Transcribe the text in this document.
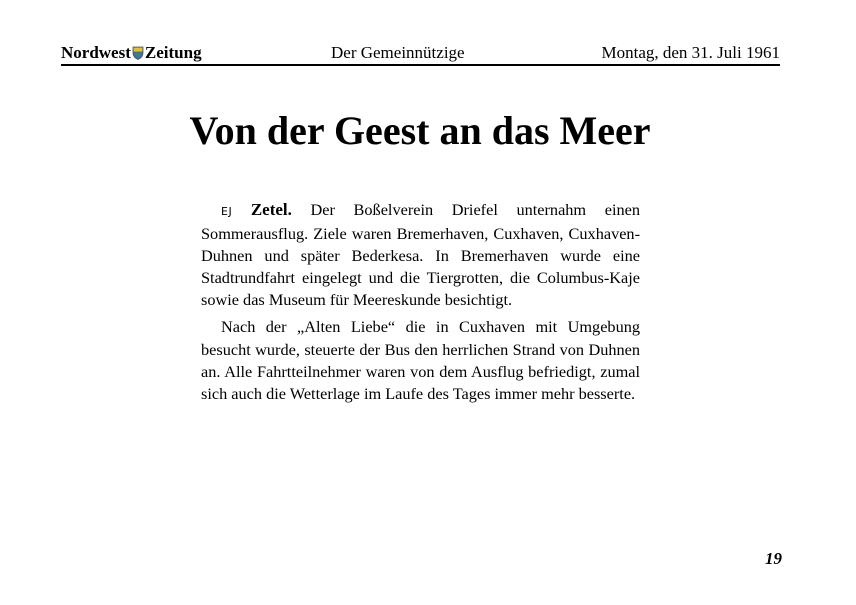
Nordwest Zeitung	Der Gemeinnützige	Montag, den 31. Juli 1961
Von der Geest an das Meer

EJ Zetel. Der Boßelverein Driefel unternahm einen Sommerausflug. Ziele waren Bremerhaven, Cuxhaven, Cuxhaven-Duhnen und später Bederkesa. In Bremerhaven wurde eine Stadtrundfahrt eingelegt und die Tiergrotten, die Columbus-Kaje sowie das Museum für Meereskunde besichtigt.

Nach der „Alten Liebe“ die in Cuxhaven mit Umgebung besucht wurde, steuerte der Bus den herrlichen Strand von Duhnen an. Alle Fahrtteilnehmer waren von dem Ausflug befriedigt, zumal sich auch die Wetterlage im Laufe des Tages immer mehr besserte.

19
